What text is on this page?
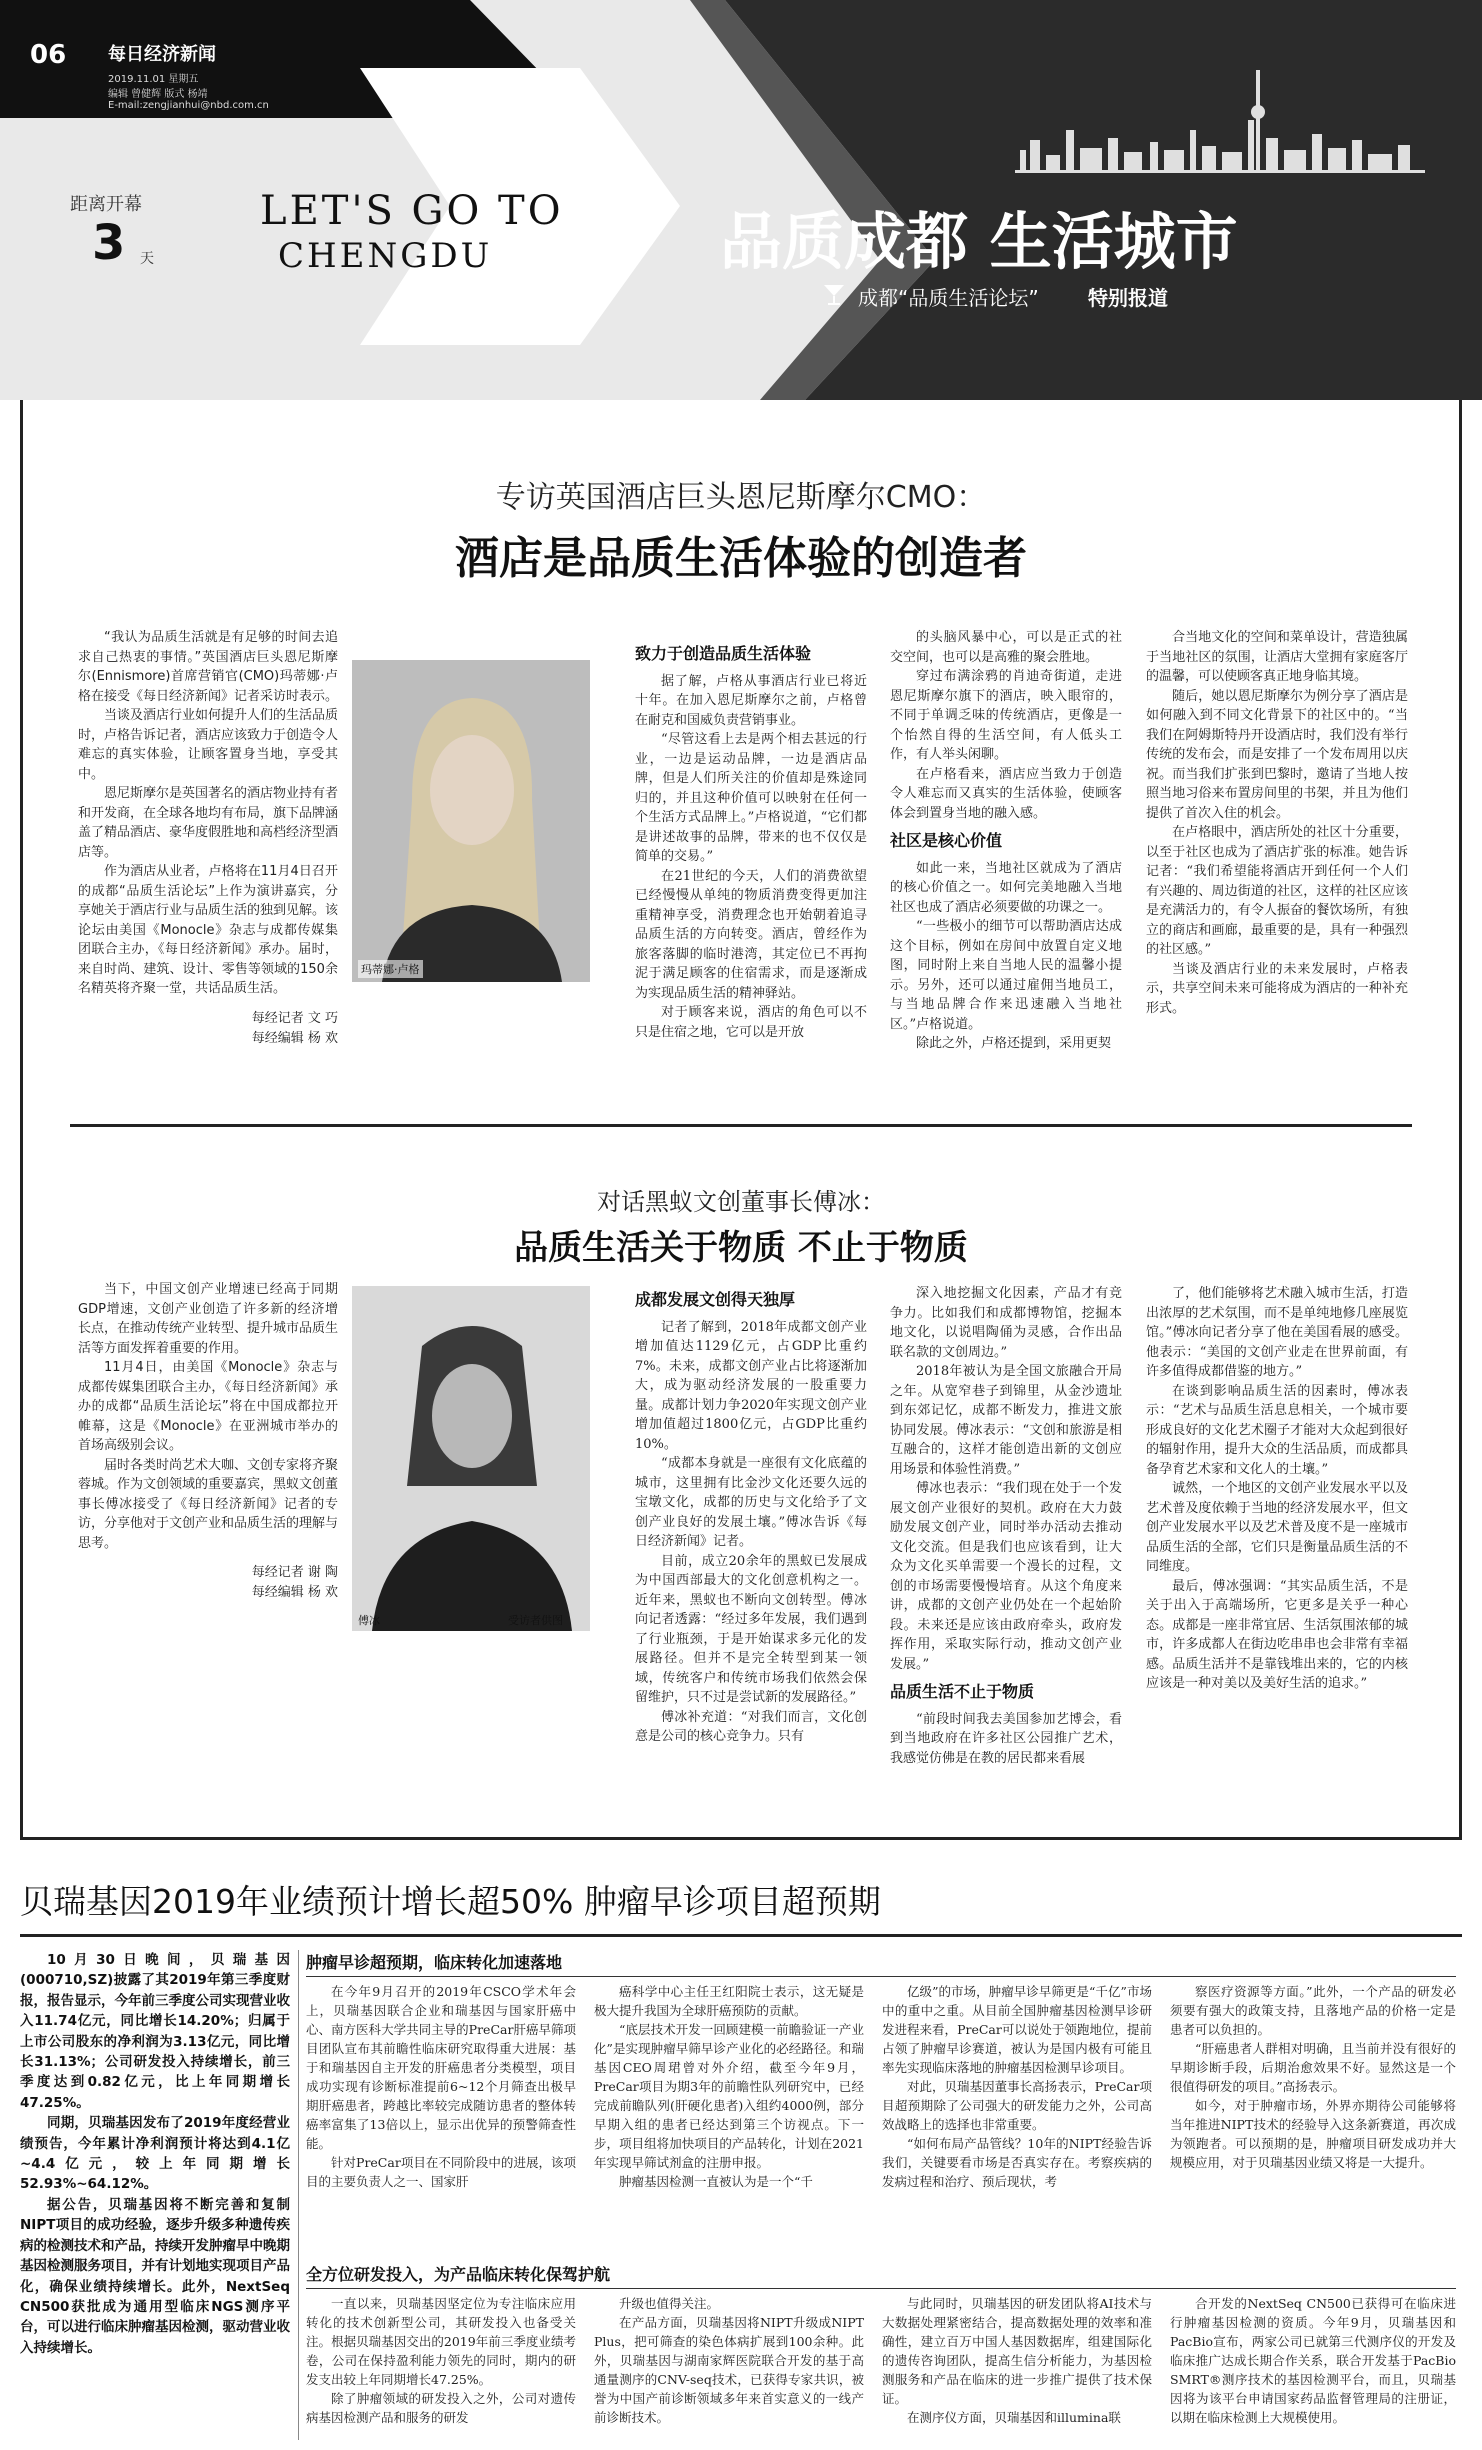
06 每日经济新闻
2019.11.01 星期五
编辑 曾健辉 版式 杨靖
E-mail:zengjianhui@nbd.com.cn
距离开幕
3 天
LET'S GO TO
CHENGDU	品质成都 生活城市
成都“品质生活论坛” 特别报道
专访英国酒店巨头恩尼斯摩尔CMO：
酒店是品质生活体验的创造者

“我认为品质生活就是有足够的时间去追求自己热衷的事情。”英国酒店巨头恩尼斯摩尔(Ennismore)首席营销官(CMO)玛蒂娜·卢格在接受《每日经济新闻》记者采访时表示。

当谈及酒店行业如何提升人们的生活品质时，卢格告诉记者，酒店应该致力于创造令人难忘的真实体验，让顾客置身当地，享受其中。

恩尼斯摩尔是英国著名的酒店物业持有者和开发商，在全球各地均有布局，旗下品牌涵盖了精品酒店、豪华度假胜地和高档经济型酒店等。

作为酒店从业者，卢格将在11月4日召开的成都“品质生活论坛”上作为演讲嘉宾，分享她关于酒店行业与品质生活的独到见解。该论坛由美国《Monocle》杂志与成都传媒集团联合主办，《每日经济新闻》承办。届时，来自时尚、建筑、设计、零售等领域的150余名精英将齐聚一堂，共话品质生活。

每经记者 文 巧
每经编辑 杨 欢
玛蒂娜·卢格
致力于创造品质生活体验

据了解，卢格从事酒店行业已将近十年。在加入恩尼斯摩尔之前，卢格曾在耐克和国威负责营销事业。

“尽管这看上去是两个相去甚远的行业，一边是运动品牌，一边是酒店品牌，但是人们所关注的价值却是殊途同归的，并且这种价值可以映射在任何一个生活方式品牌上。”卢格说道，“它们都是讲述故事的品牌，带来的也不仅仅是简单的交易。”

在21世纪的今天，人们的消费欲望已经慢慢从单纯的物质消费变得更加注重精神享受，消费理念也开始朝着追寻品质生活的方向转变。酒店，曾经作为旅客落脚的临时港湾，其定位已不再拘泥于满足顾客的住宿需求，而是逐渐成为实现品质生活的精神驿站。

对于顾客来说，酒店的角色可以不只是住宿之地，它可以是开放

的头脑风暴中心，可以是正式的社交空间，也可以是高雅的聚会胜地。

穿过布满涂鸦的肖迪奇街道，走进恩尼斯摩尔旗下的酒店，映入眼帘的，不同于单调乏味的传统酒店，更像是一个怡然自得的生活空间，有人低头工作，有人举头闲聊。

在卢格看来，酒店应当致力于创造令人难忘而又真实的生活体验，使顾客体会到置身当地的融入感。

社区是核心价值

如此一来，当地社区就成为了酒店的核心价值之一。如何完美地融入当地社区也成了酒店必须要做的功课之一。

“一些极小的细节可以帮助酒店达成这个目标，例如在房间中放置自定义地图，同时附上来自当地人民的温馨小提示。另外，还可以通过雇佣当地员工，与当地品牌合作来迅速融入当地社区。”卢格说道。

除此之外，卢格还提到，采用更契

合当地文化的空间和菜单设计，营造独属于当地社区的氛围，让酒店大堂拥有家庭客厅的温馨，可以使顾客真正地身临其境。

随后，她以恩尼斯摩尔为例分享了酒店是如何融入到不同文化背景下的社区中的。“当我们在阿姆斯特丹开设酒店时，我们没有举行传统的发布会，而是安排了一个发布周用以庆祝。而当我们扩张到巴黎时，邀请了当地人按照当地习俗来布置房间里的书架，并且为他们提供了首次入住的机会。

在卢格眼中，酒店所处的社区十分重要，以至于社区也成为了酒店扩张的标准。她告诉记者：“我们希望能将酒店开到任何一个人们有兴趣的、周边街道的社区，这样的社区应该是充满活力的，有令人振奋的餐饮场所，有独立的商店和画廊，最重要的是，具有一种强烈的社区感。”

当谈及酒店行业的未来发展时，卢格表示，共享空间未来可能将成为酒店的一种补充形式。

对话黑蚁文创董事长傅冰：
品质生活关于物质 不止于物质

当下，中国文创产业增速已经高于同期GDP增速，文创产业创造了许多新的经济增长点，在推动传统产业转型、提升城市品质生活等方面发挥着重要的作用。

11月4日，由美国《Monocle》杂志与成都传媒集团联合主办，《每日经济新闻》承办的成都“品质生活论坛”将在中国成都拉开帷幕，这是《Monocle》在亚洲城市举办的首场高级别会议。

届时各类时尚艺术大咖、文创专家将齐聚蓉城。作为文创领域的重要嘉宾，黑蚁文创董事长傅冰接受了《每日经济新闻》记者的专访，分享他对于文创产业和品质生活的理解与思考。

每经记者 谢 陶
每经编辑 杨 欢
傅冰	受访者供图
成都发展文创得天独厚

记者了解到，2018年成都文创产业增加值达1129亿元，占GDP比重约7%。未来，成都文创产业占比将逐渐加大，成为驱动经济发展的一股重要力量。成都计划力争2020年实现文创产业增加值超过1800亿元，占GDP比重约10%。

“成都本身就是一座很有文化底蕴的城市，这里拥有比金沙文化还要久远的宝墩文化，成都的历史与文化给予了文创产业良好的发展土壤。”傅冰告诉《每日经济新闻》记者。

目前，成立20余年的黑蚁已发展成为中国西部最大的文化创意机构之一。近年来，黑蚁也不断向文创转型。傅冰向记者透露：“经过多年发展，我们遇到了行业瓶颈，于是开始谋求多元化的发展路径。但并不是完全转型到某一领域，传统客户和传统市场我们依然会保留维护，只不过是尝试新的发展路径。”

傅冰补充道：“对我们而言，文化创意是公司的核心竞争力。只有

深入地挖掘文化因素，产品才有竞争力。比如我们和成都博物馆，挖掘本地文化，以说唱陶俑为灵感，合作出品联名款的文创周边。”

2018年被认为是全国文旅融合开局之年。从宽窄巷子到锦里，从金沙遗址到东郊记忆，成都不断发力，推进文旅协同发展。傅冰表示：“文创和旅游是相互融合的，这样才能创造出新的文创应用场景和体验性消费。”

傅冰也表示：“我们现在处于一个发展文创产业很好的契机。政府在大力鼓励发展文创产业，同时举办活动去推动文化交流。但是我们也应该看到，让大众为文化买单需要一个漫长的过程，文创的市场需要慢慢培育。从这个角度来讲，成都的文创产业仍处在一个起始阶段。未来还是应该由政府牵头，政府发挥作用，采取实际行动，推动文创产业发展。”

品质生活不止于物质

“前段时间我去美国参加艺博会，看到当地政府在许多社区公园推广艺术，我感觉仿佛是在教的居民都来看展

了，他们能够将艺术融入城市生活，打造出浓厚的艺术氛围，而不是单纯地修几座展览馆。”傅冰向记者分享了他在美国看展的感受。他表示：“美国的文创产业走在世界前面，有许多值得成都借鉴的地方。”

在谈到影响品质生活的因素时，傅冰表示：“艺术与品质生活息息相关，一个城市要形成良好的文化艺术圈子才能对大众起到很好的辐射作用，提升大众的生活品质，而成都具备孕育艺术家和文化人的土壤。”

诚然，一个地区的文创产业发展水平以及艺术普及度依赖于当地的经济发展水平，但文创产业发展水平以及艺术普及度不是一座城市品质生活的全部，它们只是衡量品质生活的不同维度。

最后，傅冰强调：“其实品质生活，不是关于出入于高端场所，它更多是关乎一种心态。成都是一座非常宜居、生活氛围浓郁的城市，许多成都人在街边吃串串也会非常有幸福感。品质生活并不是靠钱堆出来的，它的内核应该是一种对美以及美好生活的追求。”

贝瑞基因2019年业绩预计增长超50% 肿瘤早诊项目超预期

10月30日晚间，贝瑞基因(000710,SZ)披露了其2019年第三季度财报，报告显示，今年前三季度公司实现营业收入11.74亿元，同比增长14.20%；归属于上市公司股东的净利润为3.13亿元，同比增长31.13%；公司研发投入持续增长，前三季度达到0.82亿元，比上年同期增长47.25%。

同期，贝瑞基因发布了2019年度经营业绩预告，今年累计净利润预计将达到4.1亿~4.4亿元，较上年同期增长52.93%~64.12%。

据公告，贝瑞基因将不断完善和复制NIPT项目的成功经验，逐步升级多种遗传疾病的检测技术和产品，持续开发肿瘤早中晚期基因检测服务项目，并有计划地实现项目产品化，确保业绩持续增长。此外，NextSeq CN500获批成为通用型临床NGS测序平台，可以进行临床肿瘤基因检测，驱动营业收入持续增长。

肿瘤早诊超预期，临床转化加速落地

在今年9月召开的2019年CSCO学术年会上，贝瑞基因联合企业和瑞基因与国家肝癌中心、南方医科大学共同主导的PreCar肝癌早筛项目团队宣布其前瞻性临床研究取得重大进展：基于和瑞基因自主开发的肝癌患者分类模型，项目成功实现有诊断标准提前6~12个月筛查出极早期肝癌患者，跨越比率较完成随访患者的整体转癌率富集了13倍以上，显示出优异的预警筛查性能。

针对PreCar项目在不同阶段中的进展，该项目的主要负责人之一、国家肝

癌科学中心主任王红阳院士表示，这无疑是极大提升我国为全球肝癌预防的贡献。

“底层技术开发一回顾建模一前瞻验证一产业化”是实现肿瘤早筛早诊产业化的必经路径。和瑞基因CEO周珺曾对外介绍，截至今年9月，PreCar项目为期3年的前瞻性队列研究中，已经完成前瞻队列(肝硬化患者)入组约4000例，部分早期入组的患者已经达到第三个访视点。下一步，项目组将加快项目的产品转化，计划在2021年实现早筛试剂盒的注册申报。

肿瘤基因检测一直被认为是一个“千

亿级”的市场，肿瘤早诊早筛更是“千亿”市场中的重中之重。从目前全国肿瘤基因检测早诊研发进程来看，PreCar可以说处于领跑地位，提前占领了肿瘤早诊赛道，被认为是国内极有可能且率先实现临床落地的肿瘤基因检测早诊项目。

对此，贝瑞基因董事长高扬表示，PreCar项目超预期除了公司强大的研发能力之外，公司高效战略上的选择也非常重要。

“如何布局产品管线？10年的NIPT经验告诉我们，关键要看市场是否真实存在。考察疾病的发病过程和治疗、预后现状，考

察医疗资源等方面。”此外，一个产品的研发必须要有强大的政策支持，且落地产品的价格一定是患者可以负担的。

“肝癌患者人群相对明确，且当前并没有很好的早期诊断手段，后期治愈效果不好。显然这是一个很值得研发的项目。”高扬表示。

如今，对于肿瘤市场，外界亦期待公司能够将当年推进NIPT技术的经验导入这条新赛道，再次成为领跑者。可以预期的是，肿瘤项目研发成功并大规模应用，对于贝瑞基因业绩又将是一大提升。

全方位研发投入，为产品临床转化保驾护航

一直以来，贝瑞基因坚定位为专注临床应用转化的技术创新型公司，其研发投入也备受关注。根据贝瑞基因交出的2019年前三季度业绩考卷，公司在保持盈利能力领先的同时，期内的研发支出较上年同期增长47.25%。

除了肿瘤领域的研发投入之外，公司对遗传病基因检测产品和服务的研发

升级也值得关注。

在产品方面，贝瑞基因将NIPT升级成NIPT Plus，把可筛查的染色体病扩展到100余种。此外，贝瑞基因与湖南家辉医院联合开发的基于高通量测序的CNV-seq技术，已获得专家共识，被誉为中国产前诊断领域多年来首实意义的一线产前诊断技术。

与此同时，贝瑞基因的研发团队将AI技术与大数据处理紧密结合，提高数据处理的效率和准确性，建立百万中国人基因数据库，组建国际化的遗传咨询团队，提高生信分析能力，为基因检测服务和产品在临床的进一步推广提供了技术保证。

在测序仪方面，贝瑞基因和illumina联

合开发的NextSeq CN500已获得可在临床进行肿瘤基因检测的资质。今年9月，贝瑞基因和PacBio宣布，两家公司已就第三代测序仪的开发及临床推广达成长期合作关系，联合开发基于PacBio SMRT®测序技术的基因检测平台，而且，贝瑞基因将为该平台申请国家药品监督管理局的注册证，以期在临床检测上大规模使用。
